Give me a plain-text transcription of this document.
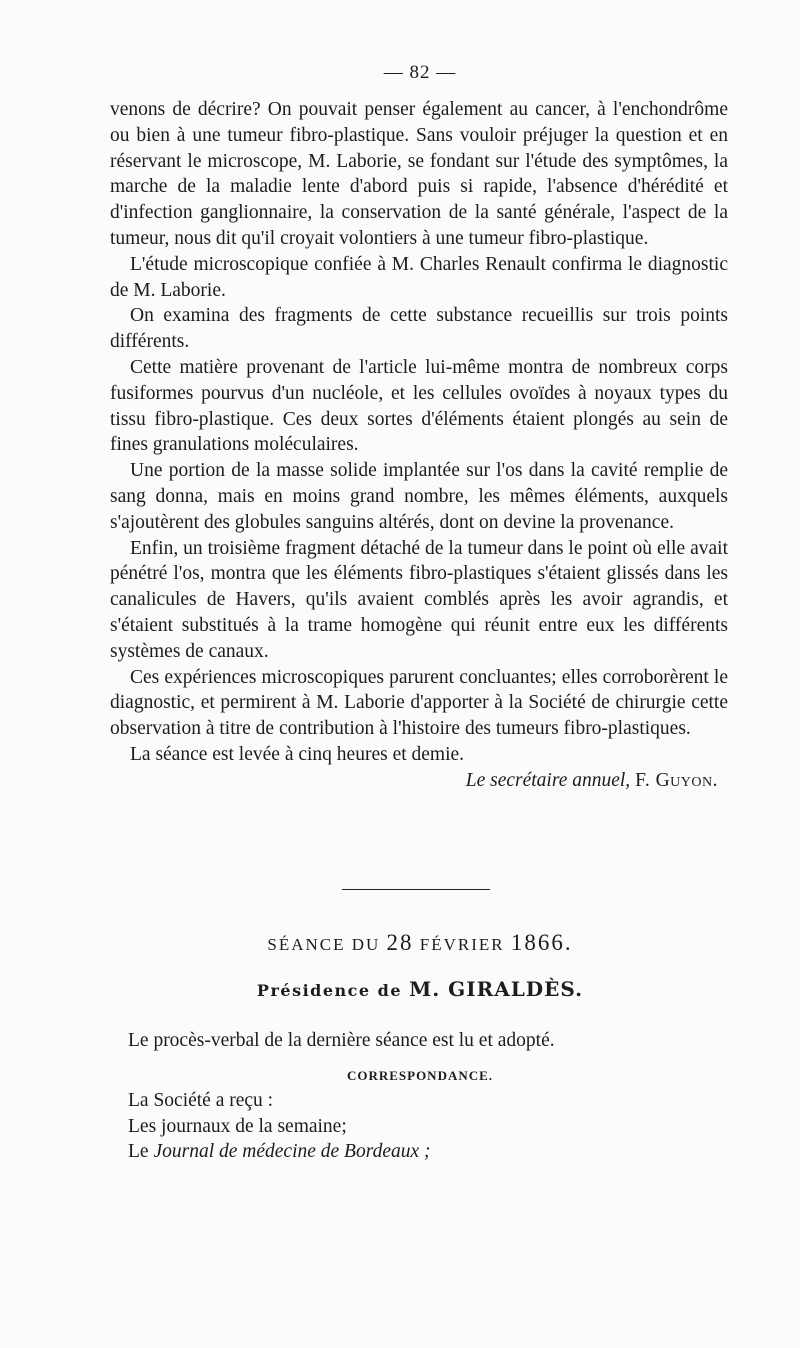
— 82 —

venons de décrire? On pouvait penser également au cancer, à l'enchondrôme ou bien à une tumeur fibro-plastique. Sans vouloir préjuger la question et en réservant le microscope, M. Laborie, se fondant sur l'étude des symptômes, la marche de la maladie lente d'abord puis si rapide, l'absence d'hérédité et d'infection ganglionnaire, la conservation de la santé générale, l'aspect de la tumeur, nous dit qu'il croyait volontiers à une tumeur fibro-plastique.

L'étude microscopique confiée à M. Charles Renault confirma le diagnostic de M. Laborie.

On examina des fragments de cette substance recueillis sur trois points différents.

Cette matière provenant de l'article lui-même montra de nombreux corps fusiformes pourvus d'un nucléole, et les cellules ovoïdes à noyaux types du tissu fibro-plastique. Ces deux sortes d'éléments étaient plongés au sein de fines granulations moléculaires.

Une portion de la masse solide implantée sur l'os dans la cavité remplie de sang donna, mais en moins grand nombre, les mêmes éléments, auxquels s'ajoutèrent des globules sanguins altérés, dont on devine la provenance.

Enfin, un troisième fragment détaché de la tumeur dans le point où elle avait pénétré l'os, montra que les éléments fibro-plastiques s'étaient glissés dans les canalicules de Havers, qu'ils avaient comblés après les avoir agrandis, et s'étaient substitués à la trame homogène qui réunit entre eux les différents systèmes de canaux.

Ces expériences microscopiques parurent concluantes; elles corroborèrent le diagnostic, et permirent à M. Laborie d'apporter à la Société de chirurgie cette observation à titre de contribution à l'histoire des tumeurs fibro-plastiques.

La séance est levée à cinq heures et demie.

Le secrétaire annuel, F. Guyon.

SÉANCE DU 28 FÉVRIER 1866.
Présidence de M. GIRALDÈS.
Le procès-verbal de la dernière séance est lu et adopté.
CORRESPONDANCE.
La Société a reçu :
Les journaux de la semaine;
Le Journal de médecine de Bordeaux ;
